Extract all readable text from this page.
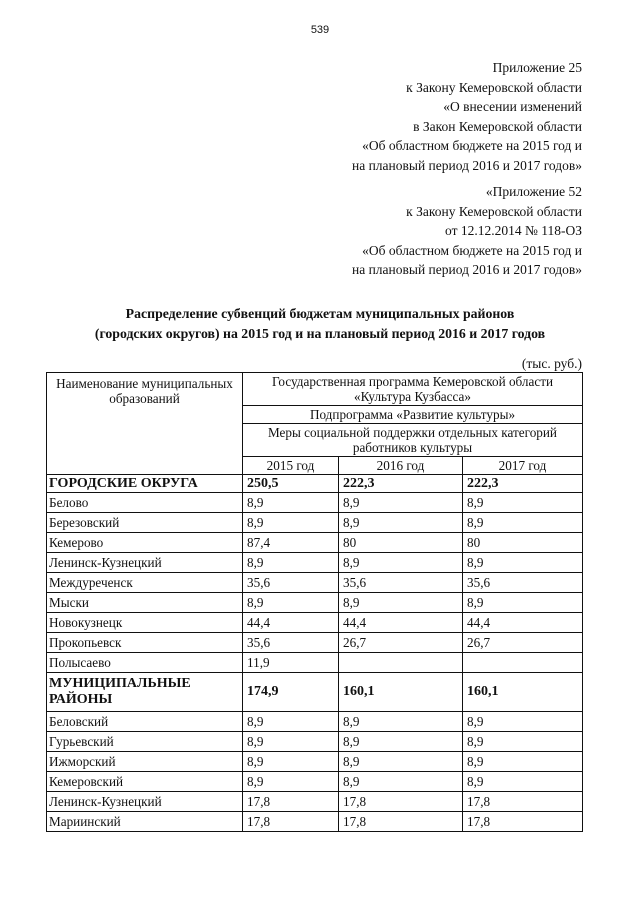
539
Приложение 25
к Закону Кемеровской области
«О внесении изменений
в Закон Кемеровской области
«Об областном бюджете на 2015 год и
на плановый период 2016 и 2017 годов»
«Приложение 52
к Закону Кемеровской области
от 12.12.2014 № 118-ОЗ
«Об областном бюджете на 2015 год и
на плановый период 2016 и 2017 годов»
Распределение субвенций бюджетам муниципальных районов
(городских округов) на 2015 год и на плановый период 2016 и 2017 годов
(тыс. руб.)
Наименование муниципальных образований	Государственная программа Кемеровской области «Культура Кузбасса»		
	Подпрограмма «Развитие культуры»		
	Меры социальной поддержки отдельных категорий работников культуры		
	2015 год	2016 год	2017 год
ГОРОДСКИЕ ОКРУГА	250,5	222,3	222,3
Белово	8,9	8,9	8,9
Березовский	8,9	8,9	8,9
Кемерово	87,4	80	80
Ленинск-Кузнецкий	8,9	8,9	8,9
Междуреченск	35,6	35,6	35,6
Мыски	8,9	8,9	8,9
Новокузнецк	44,4	44,4	44,4
Прокопьевск	35,6	26,7	26,7
Полысаево	11,9		
МУНИЦИПАЛЬНЫЕ РАЙОНЫ	174,9	160,1	160,1
Беловский	8,9	8,9	8,9
Гурьевский	8,9	8,9	8,9
Ижморский	8,9	8,9	8,9
Кемеровский	8,9	8,9	8,9
Ленинск-Кузнецкий	17,8	17,8	17,8
Мариинский	17,8	17,8	17,8
